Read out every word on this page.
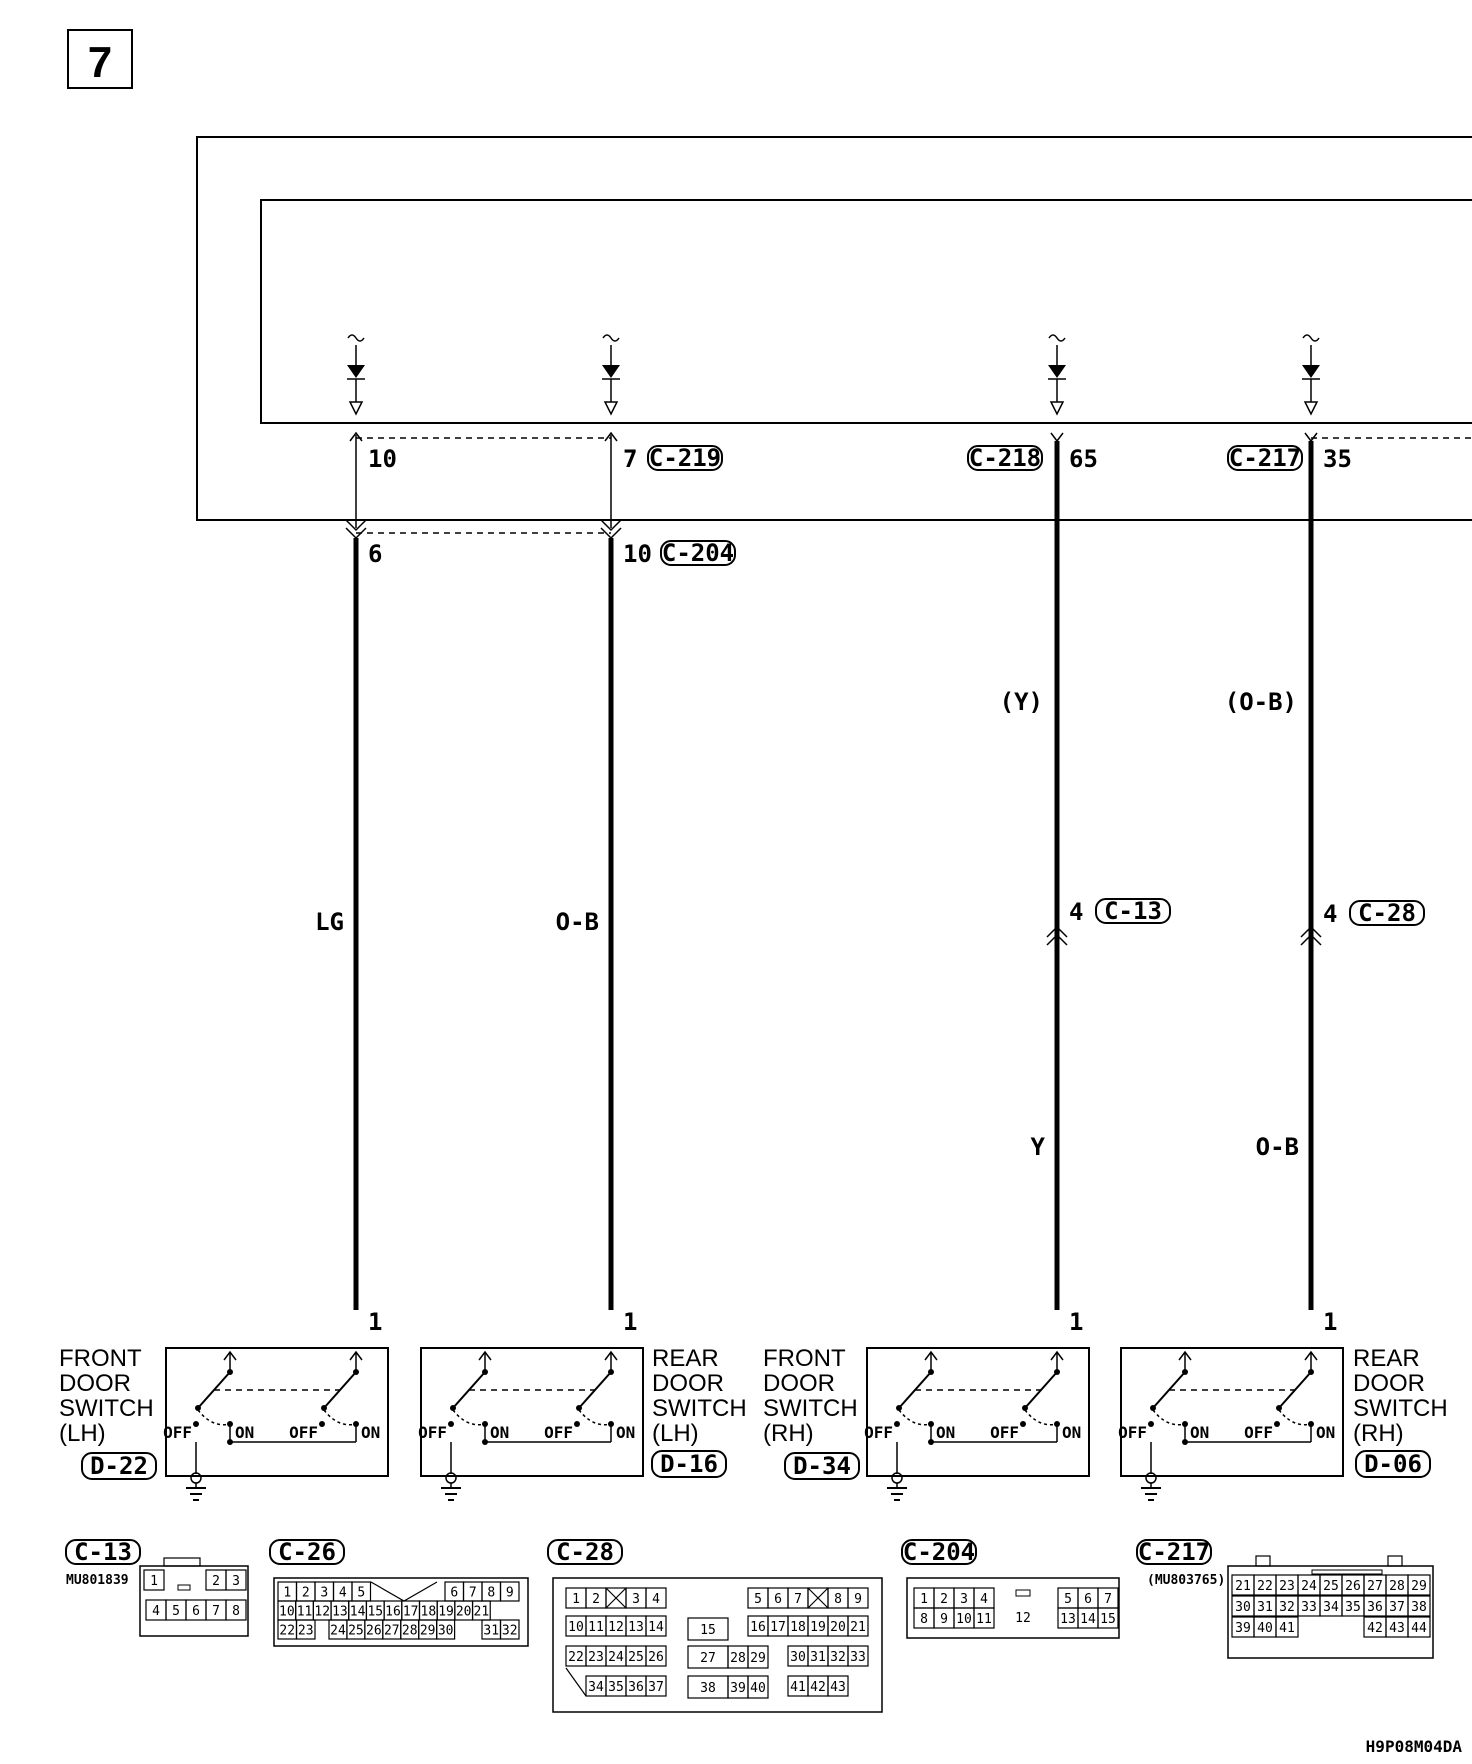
7
10	7 C-219	C-218 65	C-217 35
6	10 C-204
(Y)	(O-B)
LG	O-B
Y	O-B
4 C-13	4 C-28
1	1	1	1
OFF	ON OFF	ON OFF	ON OFF	ON	OFF	ON OFF	ON OFF	ON OFF	ON
FRONT
DOOR
SWITCH
(LH)
D-22
REAR
DOOR
SWITCH
(LH)
D-16
FRONT
DOOR
SWITCH
(RH)
D-34
REAR
DOOR
SWITCH
(RH)
D-06
C-13
MU801839 1	2 3
4 5 6 7 8
C-26
1 2 3 4 5	6 7 8 9
10 11 12 13 14 15 16 17 18 19 20 21
22 23 24 25 26 27 28 29 30 31 32
C-28
1 2 3 4
10 11 12 13 14
22 23 24 25 26
34 35 36 37
15
27 28 29
38 39 40
5 6 7 8 9
16 17 18 19 20 21
30 31 32 33
41 42 43
C-204
1 2 3 4	5 6 7
8 9 10 11 12 13 14 15
C-217
(MU803765) 21 22 23 24 25 26 27 28 29
30 31 32 33 34 35 36 37 38
39 40 41	42 43 44
H9P08M04DA
